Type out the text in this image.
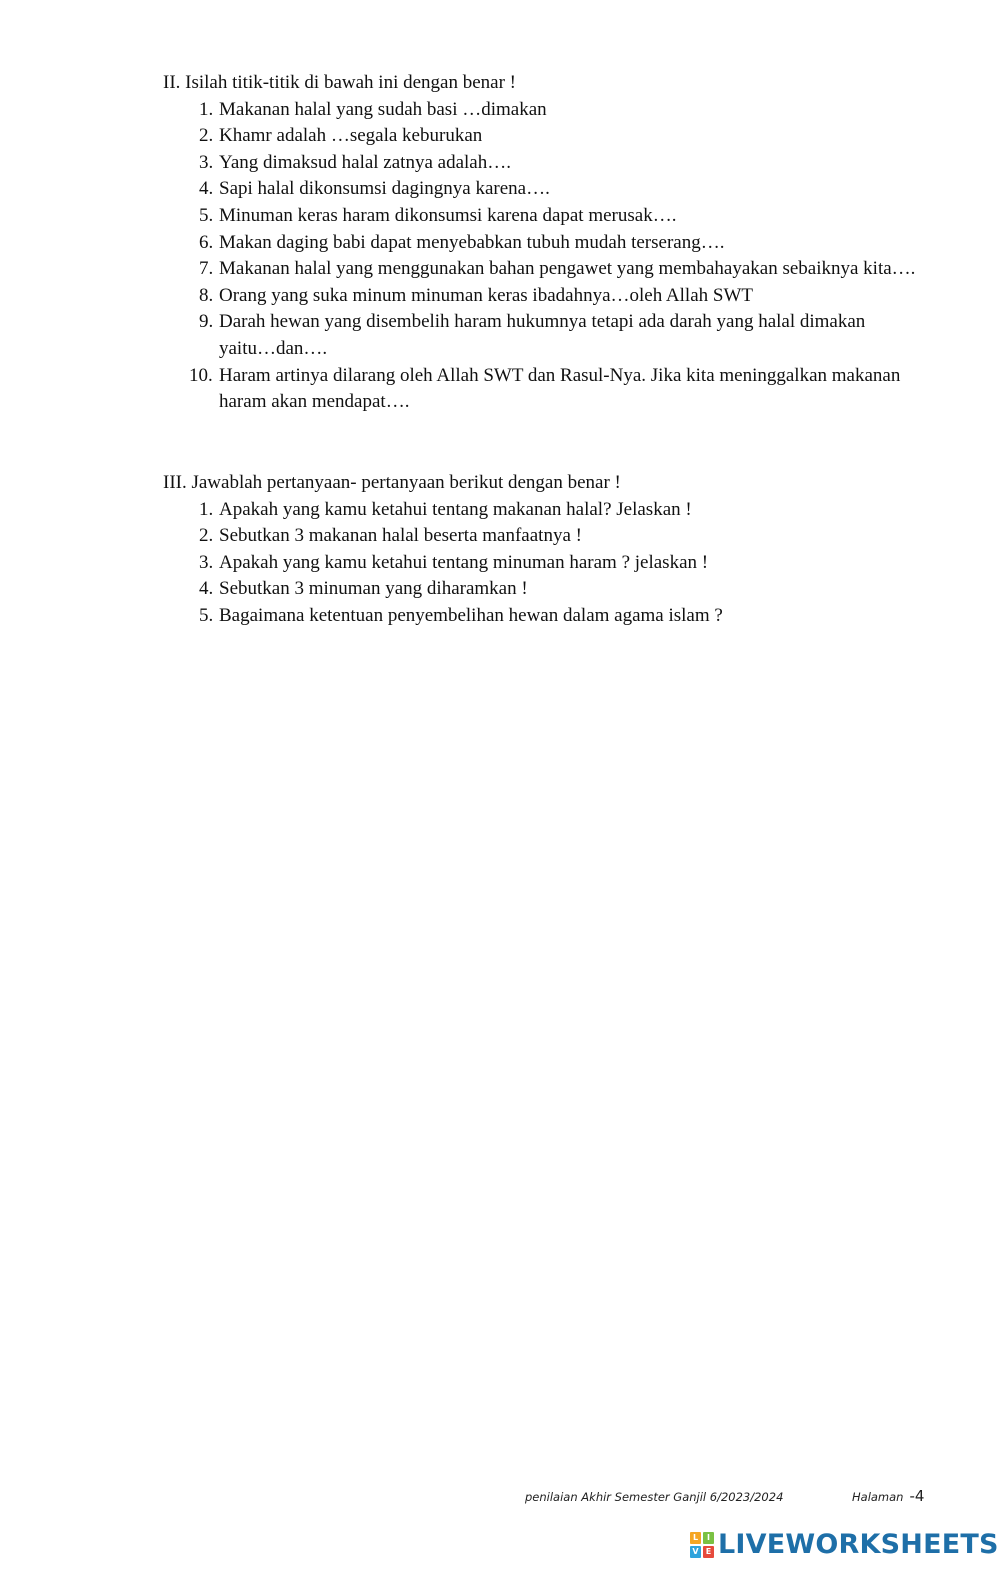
II. Isilah titik-titik di bawah ini dengan benar !

1. Makanan halal yang sudah basi …dimakan
2. Khamr adalah …segala keburukan
3. Yang dimaksud halal zatnya adalah….
4. Sapi halal dikonsumsi dagingnya karena….
5. Minuman keras haram dikonsumsi karena dapat merusak….
6. Makan daging babi dapat menyebabkan tubuh mudah terserang….
7. Makanan halal yang menggunakan bahan pengawet yang membahayakan sebaiknya kita….
8. Orang yang suka minum minuman keras ibadahnya…oleh Allah SWT
9. Darah hewan yang disembelih haram hukumnya tetapi ada darah yang halal dimakan yaitu…dan….
10. Haram artinya dilarang oleh Allah SWT dan Rasul-Nya. Jika kita meninggalkan makanan haram akan mendapat….

III. Jawablah pertanyaan- pertanyaan berikut dengan benar !

1. Apakah yang kamu ketahui tentang makanan halal? Jelaskan !
2. Sebutkan 3 makanan halal beserta manfaatnya !
3. Apakah yang kamu ketahui tentang minuman haram ? jelaskan !
4. Sebutkan 3 minuman yang diharamkan !
5. Bagaimana ketentuan penyembelihan hewan dalam agama islam ?
penilaian Akhir Semester Ganjil 6/2023/2024	Halaman -4
L	I
V E LIVEWORKSHEETS
